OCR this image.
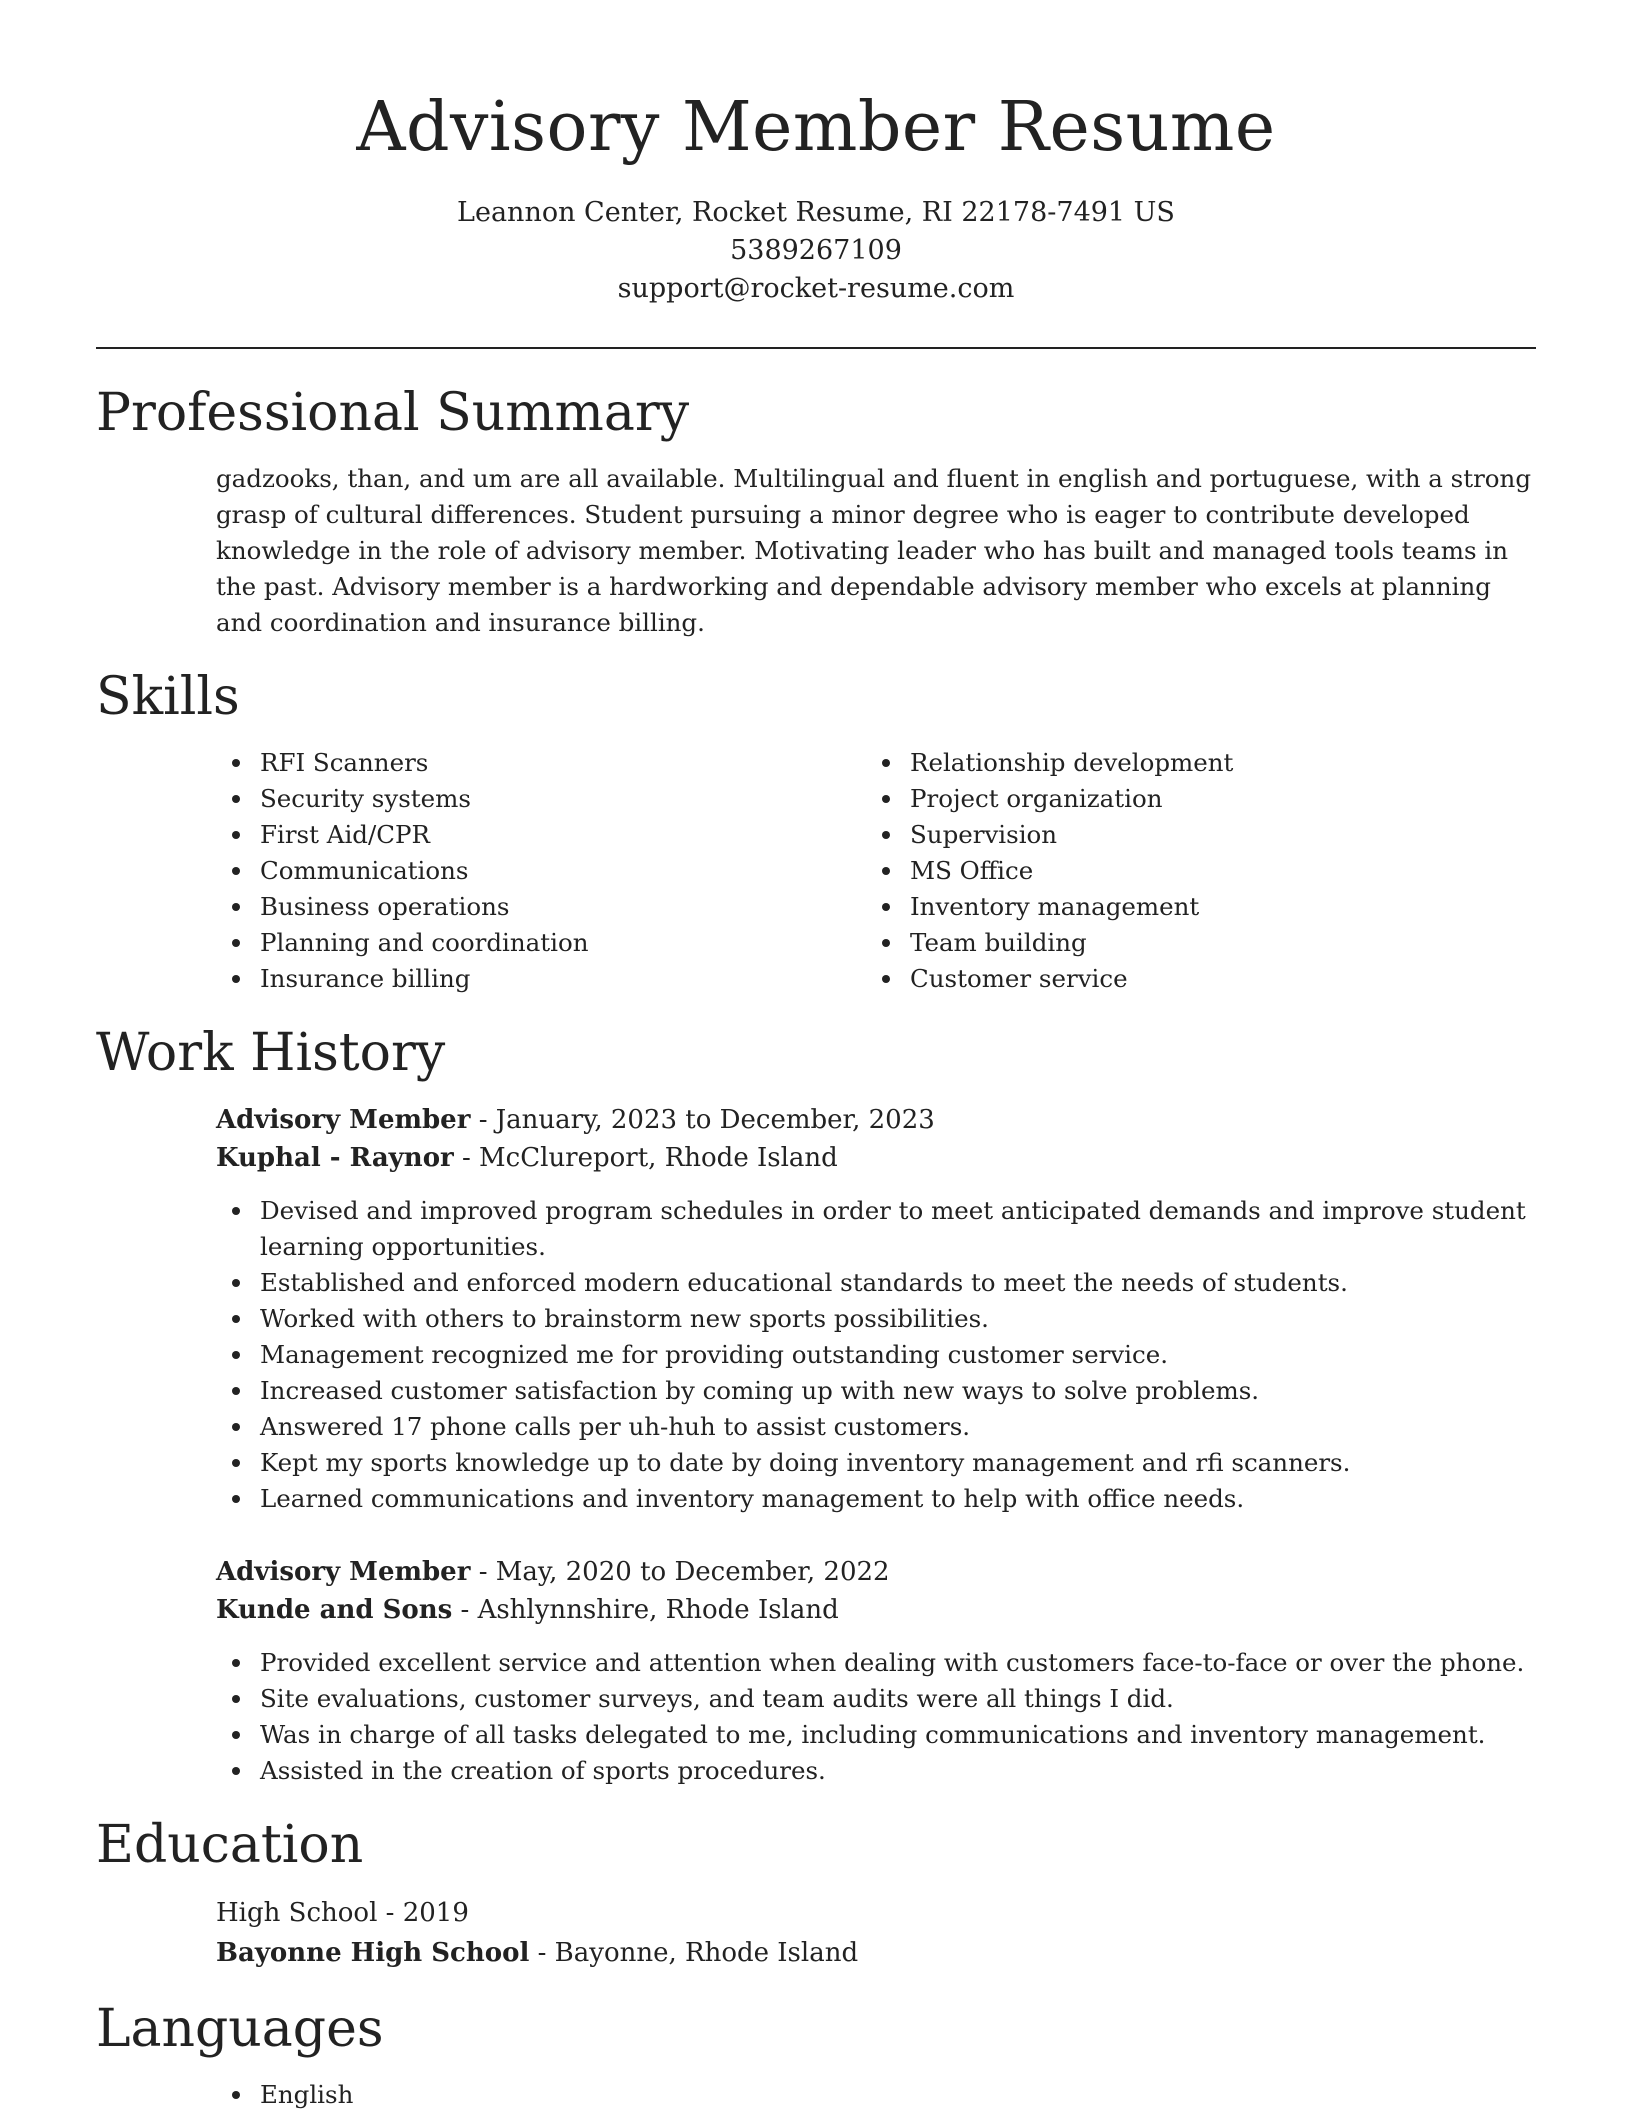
Advisory Member Resume
Leannon Center, Rocket Resume, RI 22178-7491 US
5389267109
support@rocket-resume.com
Professional Summary

gadzooks, than, and um are all available. Multilingual and fluent in english and portuguese, with a strong grasp of cultural differences. Student pursuing a minor degree who is eager to contribute developed knowledge in the role of advisory member. Motivating leader who has built and managed tools teams in the past. Advisory member is a hardworking and dependable advisory member who excels at planning and coordination and insurance billing.

Skills
RFI Scanners
Security systems
First Aid/CPR
Communications
Business operations
Planning and coordination
Insurance billing
Relationship development
Project organization
Supervision
MS Office
Inventory management
Team building
Customer service
Work History
Advisory Member - January, 2023 to December, 2023
Kuphal - Raynor - McClureport, Rhode Island
Devised and improved program schedules in order to meet anticipated demands and improve student learning opportunities.
Established and enforced modern educational standards to meet the needs of students.
Worked with others to brainstorm new sports possibilities.
Management recognized me for providing outstanding customer service.
Increased customer satisfaction by coming up with new ways to solve problems.
Answered 17 phone calls per uh-huh to assist customers.
Kept my sports knowledge up to date by doing inventory management and rfi scanners.
Learned communications and inventory management to help with office needs.
Advisory Member - May, 2020 to December, 2022
Kunde and Sons - Ashlynnshire, Rhode Island
Provided excellent service and attention when dealing with customers face-to-face or over the phone.
Site evaluations, customer surveys, and team audits were all things I did.
Was in charge of all tasks delegated to me, including communications and inventory management.
Assisted in the creation of sports procedures.
Education
High School - 2019
Bayonne High School - Bayonne, Rhode Island
Languages
English
